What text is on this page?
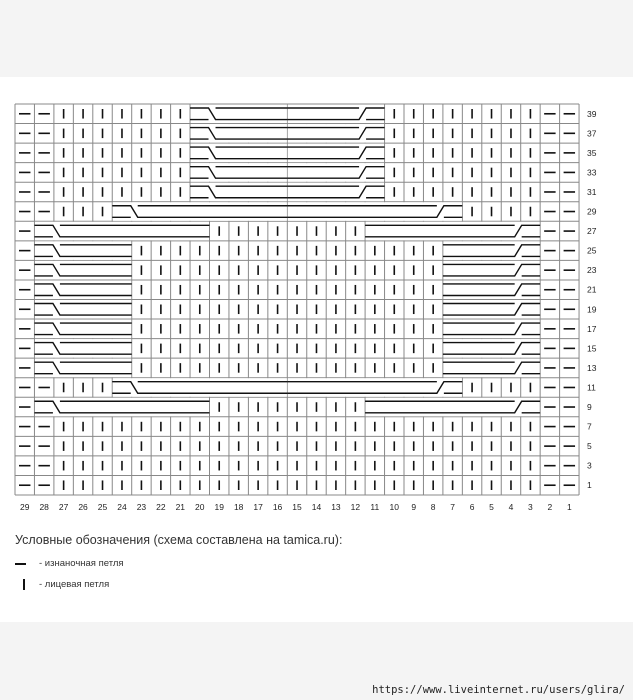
39
37
35
33
31
29
27
25
23
21
19
17
15
13
11
9
7
5
3
1
29 28 27 26 25 24 23 22 21 20 19 18 17 16 15 14 13 12 11 10 9 8 7 6 5 4 3 2 1
Условные обозначения (схема составлена на tamica.ru):
- изнаночная петля
- лицевая петля
https://www.liveinternet.ru/users/glira/
